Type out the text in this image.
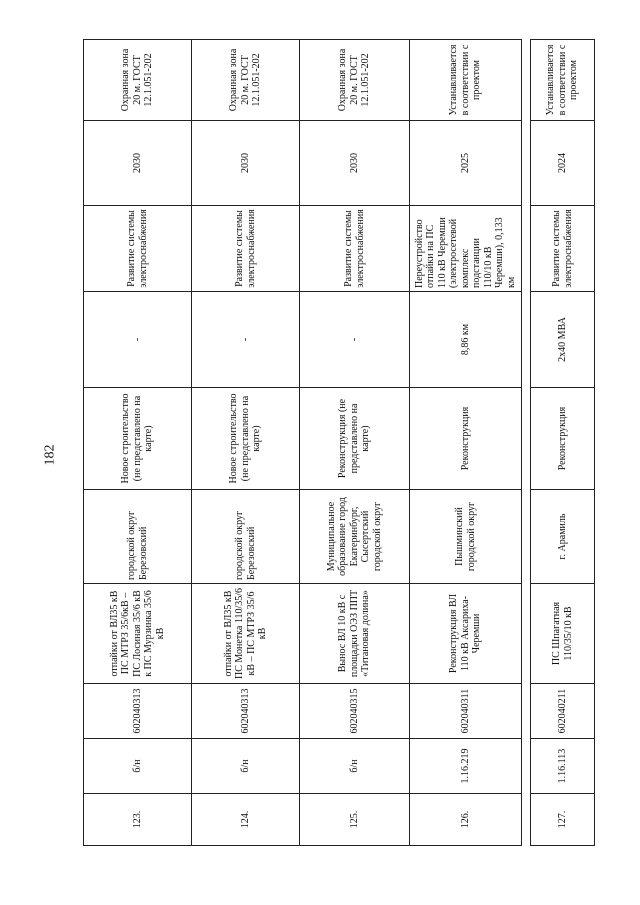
182
123.	б/н	602040313	отпайки от ВЛ35 кВ ПС МТРЗ 35/6кВ – ПС Лосиная 35/6 кВ к ПС Мурзинка 35/6 кВ	городской округ Березовский	Новое строительство (не представлено на карте)	-	Развитие системы электроснабжения	2030	Охранная зона 20 м. ГОСТ 12.1.051-202
124.	б/н	602040313	отпайки от ВЛ35 кВ ПС Монетка 110/35/6 кВ – ПС МТРЗ 35/6 кВ	городской округ Березовский	Новое строительство (не представлено на карте)	-	Развитие системы электроснабжения	2030	Охранная зона 20 м. ГОСТ 12.1.051-202
125.	б/н	602040315	Вынос ВЛ 10 кВ с площадки ОЭЗ ППТ «Титановая долина»	Муниципальное образование город Екатеринбург, Сысертский городской округ	Реконструкция (не представлено на карте)	-	Развитие системы электроснабжения	2030	Охранная зона 20 м. ГОСТ 12.1.051-202
126.	1.16.219	602040311	Реконструкция ВЛ 110 кВ Аксариха-Черемши	Пышминский городской округ	Реконструкция	8,86 км	Переустройство отпайки на ПС 110 кВ Черемши (электросетевой комплекс подстанции 110/10 кВ Черемши), 0,133 км	2025	Устанавливается в соответствии с проектом

127.	1.16.113	602040211	ПС Шпагатная 110/35/10 кВ	г. Арамиль	Реконструкция	2х40 МВА	Развитие системы электроснабжения	2024	Устанавливается в соответствии с проектом
